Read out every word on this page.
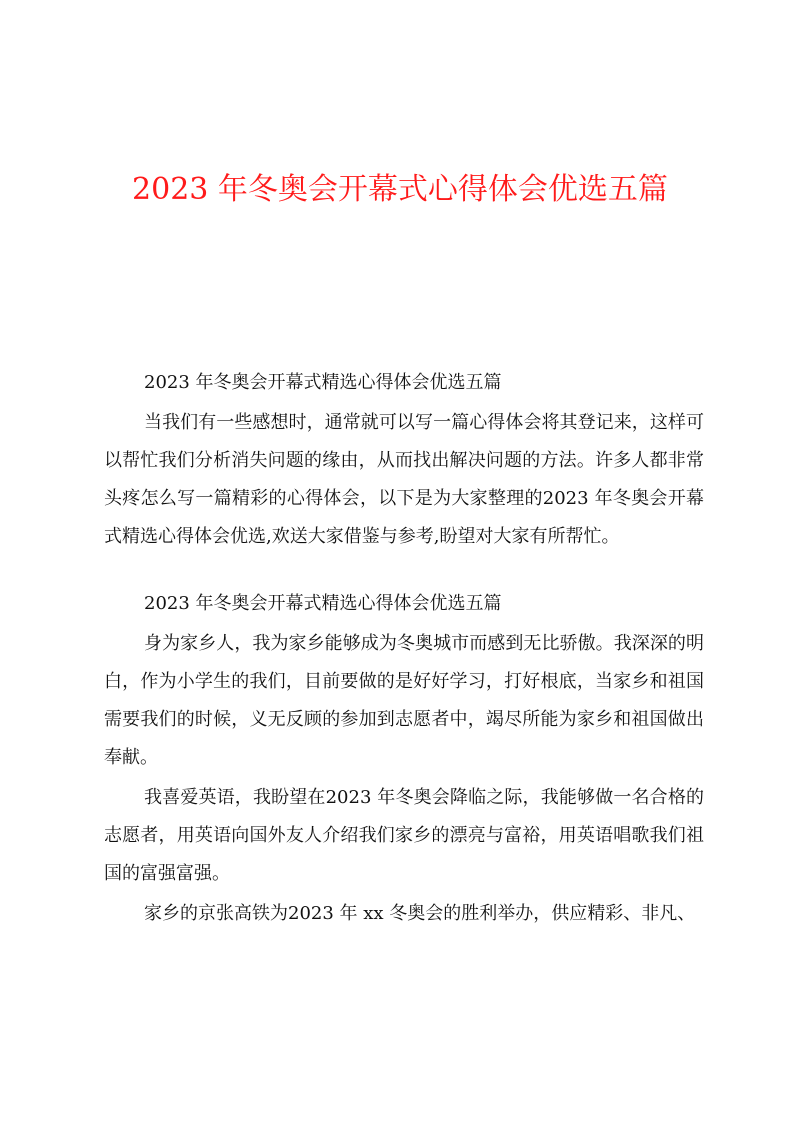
2023 年冬奥会开幕式心得体会优选五篇
2023 年冬奥会开幕式精选心得体会优选五篇

当我们有一些感想时，通常就可以写一篇心得体会将其登记来，这样可以帮忙我们分析消失问题的缘由，从而找出解决问题的方法。许多人都非常头疼怎么写一篇精彩的心得体会，以下是为大家整理的2023 年冬奥会开幕式精选心得体会优选,欢送大家借鉴与参考,盼望对大家有所帮忙。

2023 年冬奥会开幕式精选心得体会优选五篇

身为家乡人，我为家乡能够成为冬奥城市而感到无比骄傲。我深深的明白，作为小学生的我们，目前要做的是好好学习，打好根底，当家乡和祖国需要我们的时候，义无反顾的参加到志愿者中，竭尽所能为家乡和祖国做出奉献。

我喜爱英语，我盼望在2023 年冬奥会降临之际，我能够做一名合格的志愿者，用英语向国外友人介绍我们家乡的漂亮与富裕，用英语唱歌我们祖国的富强富强。

家乡的京张高铁为2023 年 xx 冬奥会的胜利举办，供应精彩、非凡、
